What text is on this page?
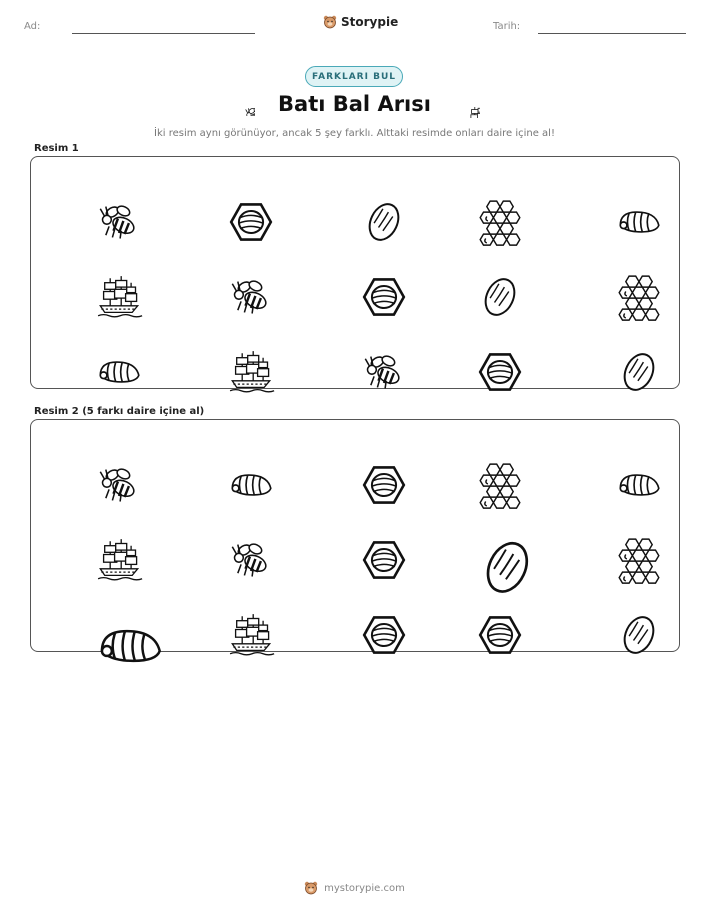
Ad:	Storypie	Tarih:
FARKLARI BUL
Batı Bal Arısı
İki resim aynı görünüyor, ancak 5 şey farklı. Alttaki resimde onları daire içine al!
Resim 1
Resim 2 (5 farkı daire içine al)
mystorypie.com
